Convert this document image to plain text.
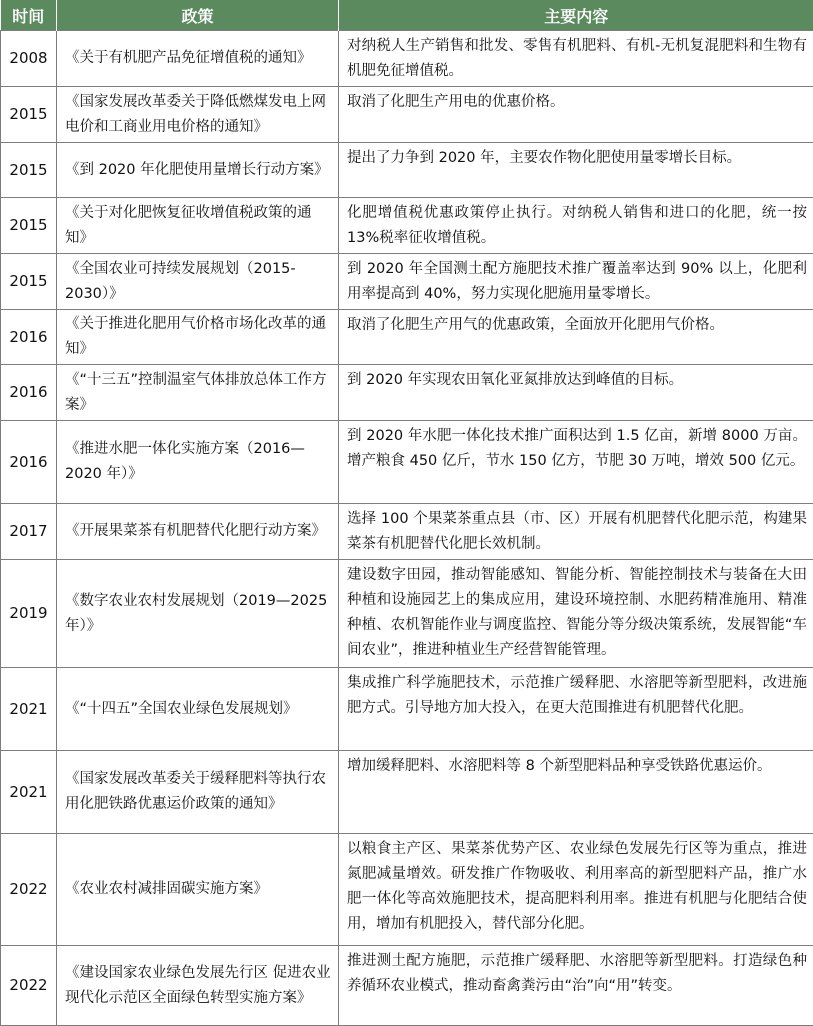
时间	政策	主要内容
2008	《关于有机肥产品免征增值税的通知》	对纳税人生产销售和批发、零售有机肥料、有机-无机复混肥料和生物有机肥免征增值税。
2015	《国家发展改革委关于降低燃煤发电上网电价和工商业用电价格的通知》	取消了化肥生产用电的优惠价格。
2015	《到 2020 年化肥使用量增长行动方案》	提出了力争到 2020 年，主要农作物化肥使用量零增长目标。
2015	《关于对化肥恢复征收增值税政策的通知》	化肥增值税优惠政策停止执行。对纳税人销售和进口的化肥，统一按 13%税率征收增值税。
2015	《全国农业可持续发展规划（2015-2030）》	到 2020 年全国测土配方施肥技术推广覆盖率达到 90% 以上，化肥利用率提高到 40%，努力实现化肥施用量零增长。
2016	《关于推进化肥用气价格市场化改革的通知》	取消了化肥生产用气的优惠政策，全面放开化肥用气价格。
2016	《“十三五”控制温室气体排放总体工作方案》	到 2020 年实现农田氧化亚氮排放达到峰值的目标。
2016	《推进水肥一体化实施方案（2016—2020 年）》	到 2020 年水肥一体化技术推广面积达到 1.5 亿亩，新增 8000 万亩。增产粮食 450 亿斤，节水 150 亿方，节肥 30 万吨，增效 500 亿元。
2017	《开展果菜茶有机肥替代化肥行动方案》	选择 100 个果菜茶重点县（市、区）开展有机肥替代化肥示范，构建果菜茶有机肥替代化肥长效机制。
2019	《数字农业农村发展规划（2019—2025 年）》	建设数字田园，推动智能感知、智能分析、智能控制技术与装备在大田种植和设施园艺上的集成应用，建设环境控制、水肥药精准施用、精准种植、农机智能作业与调度监控、智能分等分级决策系统，发展智能“车间农业”，推进种植业生产经营智能管理。
2021	《“十四五”全国农业绿色发展规划》	集成推广科学施肥技术，示范推广缓释肥、水溶肥等新型肥料，改进施肥方式。引导地方加大投入，在更大范围推进有机肥替代化肥。
2021	《国家发展改革委关于缓释肥料等执行农用化肥铁路优惠运价政策的通知》	增加缓释肥料、水溶肥料等 8 个新型肥料品种享受铁路优惠运价。
2022	《农业农村减排固碳实施方案》	以粮食主产区、果菜茶优势产区、农业绿色发展先行区等为重点，推进氮肥减量增效。研发推广作物吸收、利用率高的新型肥料产品，推广水肥一体化等高效施肥技术，提高肥料利用率。推进有机肥与化肥结合使用，增加有机肥投入，替代部分化肥。
2022	《建设国家农业绿色发展先行区 促进农业现代化示范区全面绿色转型实施方案》	推进测土配方施肥，示范推广缓释肥、水溶肥等新型肥料。打造绿色种养循环农业模式，推动畜禽粪污由“治”向“用”转变。
